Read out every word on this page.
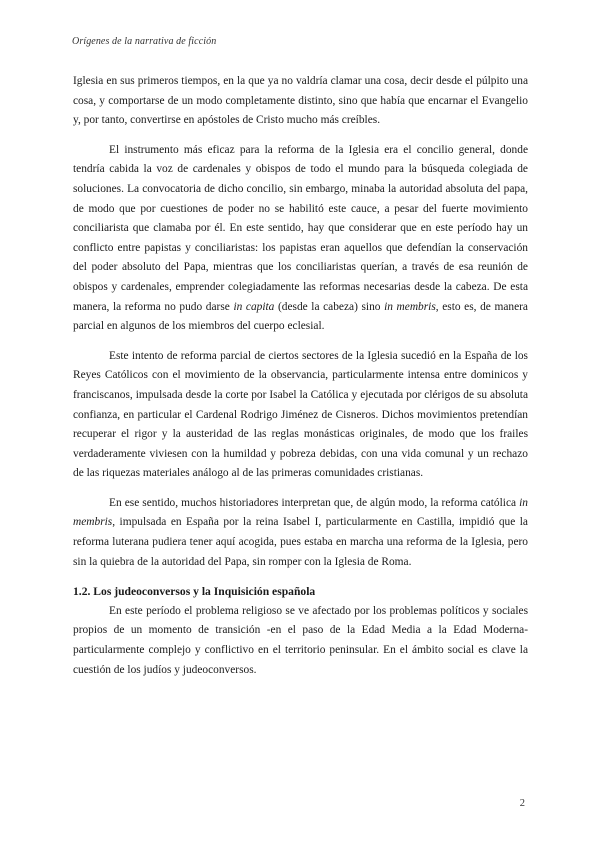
Orígenes de la narrativa de ficción

Iglesia en sus primeros tiempos, en la que ya no valdría clamar una cosa, decir desde el púlpito una cosa, y comportarse de un modo completamente distinto, sino que había que encarnar el Evangelio y, por tanto, convertirse en apóstoles de Cristo mucho más creíbles.

El instrumento más eficaz para la reforma de la Iglesia era el concilio general, donde tendría cabida la voz de cardenales y obispos de todo el mundo para la búsqueda colegiada de soluciones. La convocatoria de dicho concilio, sin embargo, minaba la autoridad absoluta del papa, de modo que por cuestiones de poder no se habilitó este cauce, a pesar del fuerte movimiento conciliarista que clamaba por él. En este sentido, hay que considerar que en este período hay un conflicto entre papistas y conciliaristas: los papistas eran aquellos que defendían la conservación del poder absoluto del Papa, mientras que los conciliaristas querían, a través de esa reunión de obispos y cardenales, emprender colegiadamente las reformas necesarias desde la cabeza. De esta manera, la reforma no pudo darse in capita (desde la cabeza) sino in membris, esto es, de manera parcial en algunos de los miembros del cuerpo eclesial.

Este intento de reforma parcial de ciertos sectores de la Iglesia sucedió en la España de los Reyes Católicos con el movimiento de la observancia, particularmente intensa entre dominicos y franciscanos, impulsada desde la corte por Isabel la Católica y ejecutada por clérigos de su absoluta confianza, en particular el Cardenal Rodrigo Jiménez de Cisneros. Dichos movimientos pretendían recuperar el rigor y la austeridad de las reglas monásticas originales, de modo que los frailes verdaderamente viviesen con la humildad y pobreza debidas, con una vida comunal y un rechazo de las riquezas materiales análogo al de las primeras comunidades cristianas.

En ese sentido, muchos historiadores interpretan que, de algún modo, la reforma católica in membris, impulsada en España por la reina Isabel I, particularmente en Castilla, impidió que la reforma luterana pudiera tener aquí acogida, pues estaba en marcha una reforma de la Iglesia, pero sin la quiebra de la autoridad del Papa, sin romper con la Iglesia de Roma.

1.2. Los judeoconversos y la Inquisición española

En este período el problema religioso se ve afectado por los problemas políticos y sociales propios de un momento de transición -en el paso de la Edad Media a la Edad Moderna- particularmente complejo y conflictivo en el territorio peninsular. En el ámbito social es clave la cuestión de los judíos y judeoconversos.

2
